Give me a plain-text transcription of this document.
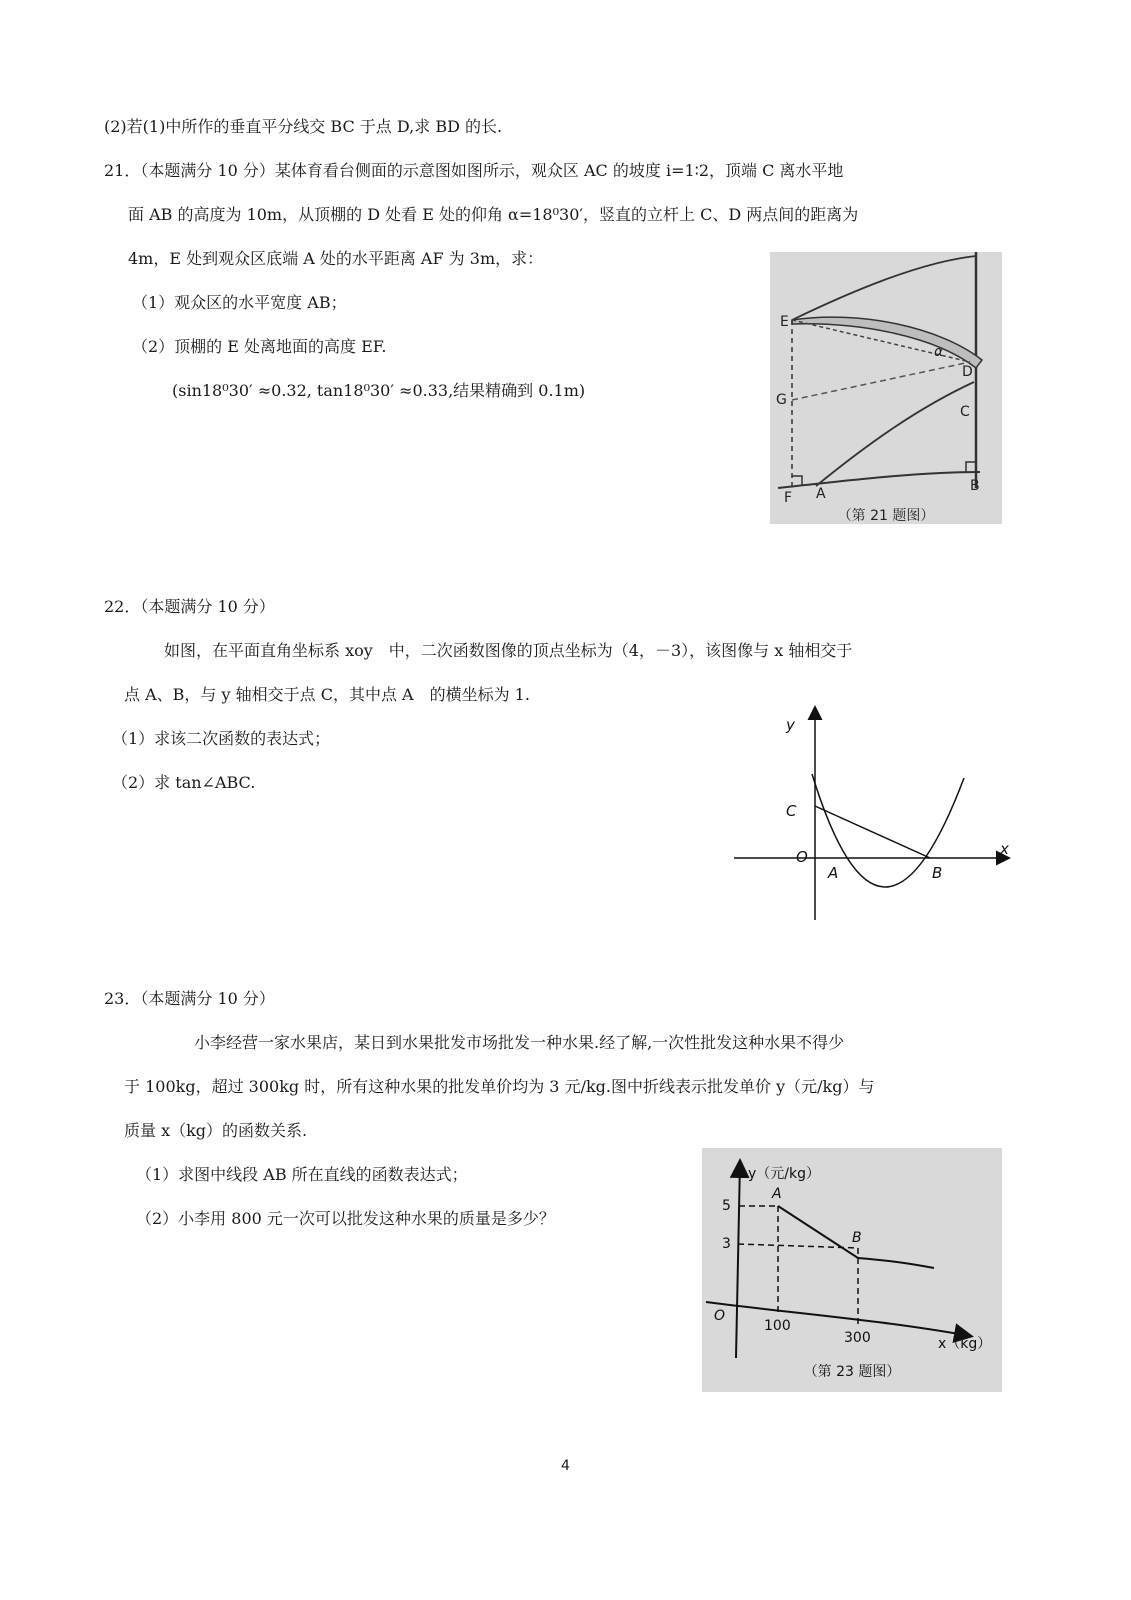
(2)若(1)中所作的垂直平分线交 BC 于点 D,求 BD 的长.
21．（本题满分 10 分）某体育看台侧面的示意图如图所示，观众区 AC 的坡度 i=1∶2，顶端 C 离水平地
面 AB 的高度为 10m，从顶棚的 D 处看 E 处的仰角 α=18⁰30′，竖直的立杆上 C、D 两点间的距离为
4m，E 处到观众区底端 A 处的水平距离 AF 为 3m，求：
（1）观众区的水平宽度 AB；
（2）顶棚的 E 处离地面的高度 EF.
(sin18⁰30′ ≈0.32, tan18⁰30′ ≈0.33,结果精确到 0.1m)
E
D
G
C
F A	B
α
（第 21 题图）
22．（本题满分 10 分）
如图，在平面直角坐标系 xoy　中，二次函数图像的顶点坐标为（4，－3），该图像与 x 轴相交于
点 A、B，与 y 轴相交于点 C，其中点 A　的横坐标为 1.
（1）求该二次函数的表达式；
（2）求 tan∠ABC.
y
x
C
O
A	B
23．（本题满分 10 分）
小李经营一家水果店，某日到水果批发市场批发一种水果.经了解,一次性批发这种水果不得少
于 100kg，超过 300kg 时，所有这种水果的批发单价均为 3 元/kg.图中折线表示批发单价 y（元/kg）与
质量 x（kg）的函数关系.
（1）求图中线段 AB 所在直线的函数表达式；
（2）小李用 800 元一次可以批发这种水果的质量是多少？
y（元/kg）
x（kg）
O
5
3
100
300
A
B
（第 23 题图）
4
